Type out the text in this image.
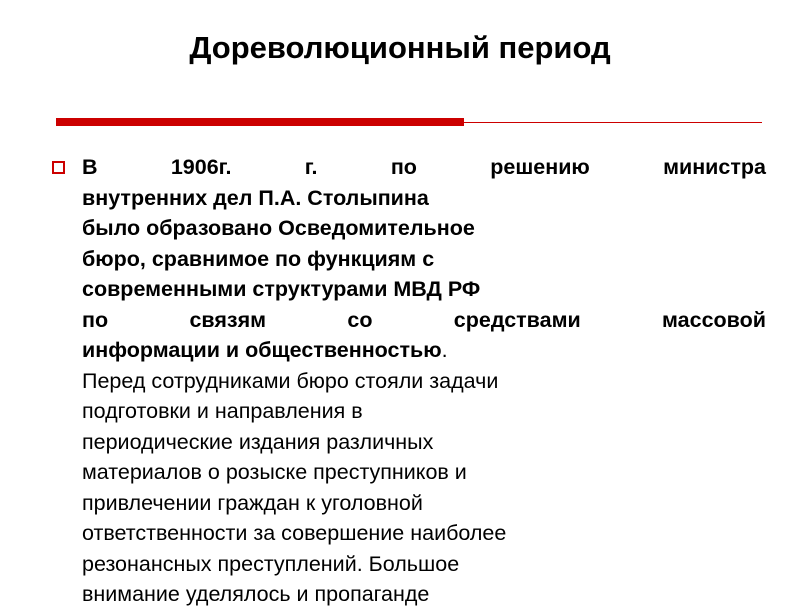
Дореволюционный период
В	1906г.	г.	по	решению	министра
внутренних дел П.А. Столыпина
было образовано Осведомительное
бюро, сравнимое по функциям с
современными структурами МВД РФ
по	связям	со	средствами	массовой
информации и общественностью.
Перед сотрудниками бюро стояли задачи
подготовки и направления в
периодические издания различных
материалов о розыске преступников и
привлечении граждан к уголовной
ответственности за совершение наиболее
резонансных преступлений. Большое
внимание уделялось и пропаганде
